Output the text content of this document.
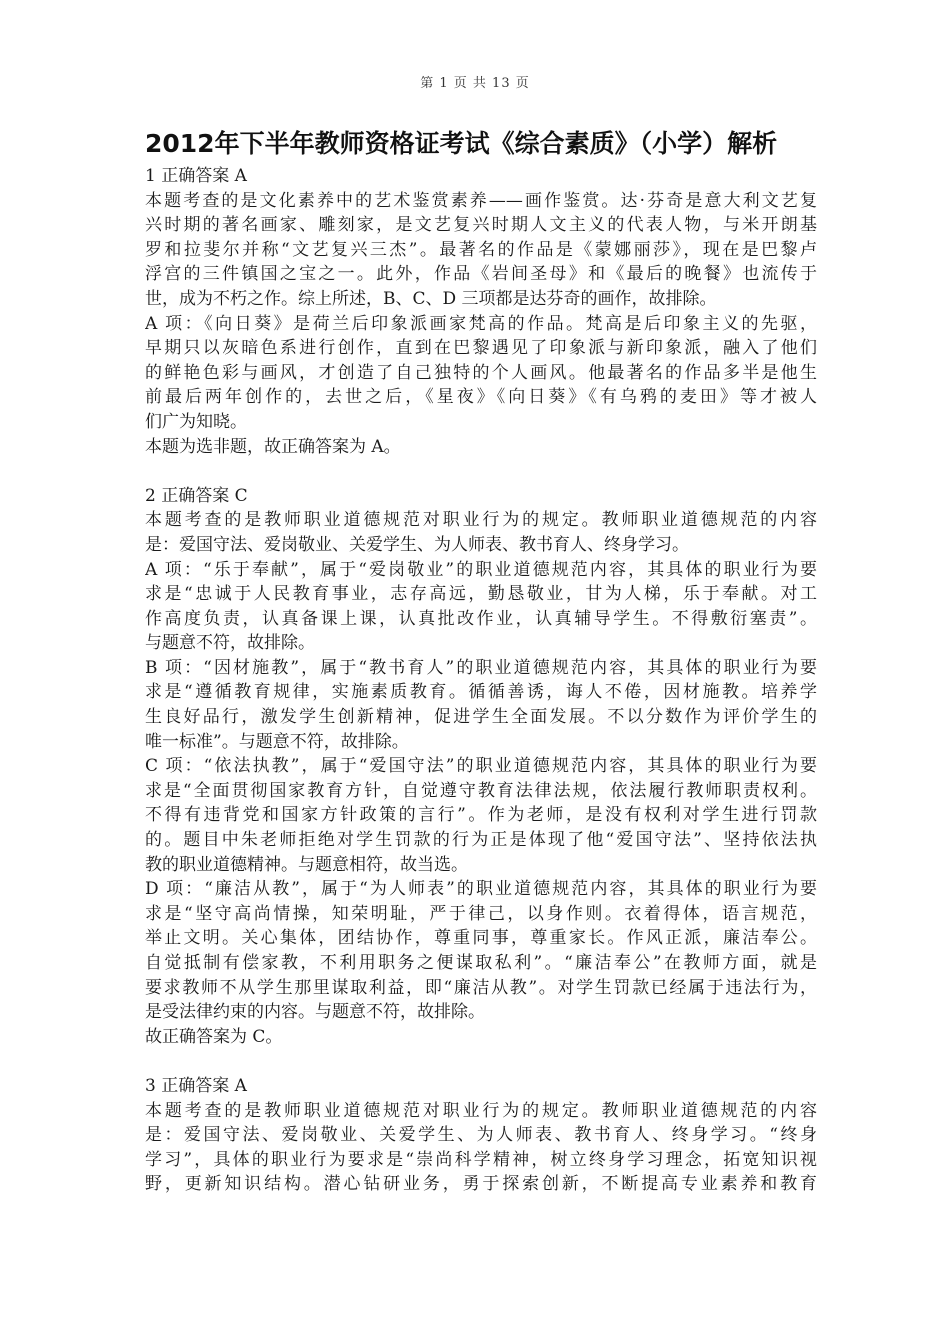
第 1 页 共 13 页
2012年下半年教师资格证考试《综合素质》（小学）解析
1 正确答案 A
本题考查的是文化素养中的艺术鉴赏素养——画作鉴赏。达·芬奇是意大利文艺复
兴时期的著名画家、雕刻家，是文艺复兴时期人文主义的代表人物，与米开朗基
罗和拉斐尔并称“文艺复兴三杰”。最著名的作品是《蒙娜丽莎》，现在是巴黎卢
浮宫的三件镇国之宝之一。此外，作品《岩间圣母》和《最后的晚餐》也流传于
世，成为不朽之作。综上所述，B、C、D 三项都是达芬奇的画作，故排除。
A 项：《向日葵》是荷兰后印象派画家梵高的作品。梵高是后印象主义的先驱，
早期只以灰暗色系进行创作，直到在巴黎遇见了印象派与新印象派，融入了他们
的鲜艳色彩与画风，才创造了自己独特的个人画风。他最著名的作品多半是他生
前最后两年创作的，去世之后，《星夜》《向日葵》《有乌鸦的麦田》等才被人
们广为知晓。
本题为选非题，故正确答案为 A。
2 正确答案 C
本题考查的是教师职业道德规范对职业行为的规定。教师职业道德规范的内容
是：爱国守法、爱岗敬业、关爱学生、为人师表、教书育人、终身学习。
A 项：“乐于奉献”，属于“爱岗敬业”的职业道德规范内容，其具体的职业行为要
求是“忠诚于人民教育事业，志存高远，勤恳敬业，甘为人梯，乐于奉献。对工
作高度负责，认真备课上课，认真批改作业，认真辅导学生。不得敷衍塞责”。
与题意不符，故排除。
B 项：“因材施教”，属于“教书育人”的职业道德规范内容，其具体的职业行为要
求是“遵循教育规律，实施素质教育。循循善诱，诲人不倦，因材施教。培养学
生良好品行，激发学生创新精神，促进学生全面发展。不以分数作为评价学生的
唯一标准”。与题意不符，故排除。
C 项：“依法执教”，属于“爱国守法”的职业道德规范内容，其具体的职业行为要
求是“全面贯彻国家教育方针，自觉遵守教育法律法规，依法履行教师职责权利。
不得有违背党和国家方针政策的言行”。作为老师，是没有权利对学生进行罚款
的。题目中朱老师拒绝对学生罚款的行为正是体现了他“爱国守法”、坚持依法执
教的职业道德精神。与题意相符，故当选。
D 项：“廉洁从教”，属于“为人师表”的职业道德规范内容，其具体的职业行为要
求是“坚守高尚情操，知荣明耻，严于律己，以身作则。衣着得体，语言规范，
举止文明。关心集体，团结协作，尊重同事，尊重家长。作风正派，廉洁奉公。
自觉抵制有偿家教，不利用职务之便谋取私利”。“廉洁奉公”在教师方面，就是
要求教师不从学生那里谋取利益，即“廉洁从教”。对学生罚款已经属于违法行为，
是受法律约束的内容。与题意不符，故排除。
故正确答案为 C。
3 正确答案 A
本题考查的是教师职业道德规范对职业行为的规定。教师职业道德规范的内容
是：爱国守法、爱岗敬业、关爱学生、为人师表、教书育人、终身学习。“终身
学习”，具体的职业行为要求是“崇尚科学精神，树立终身学习理念，拓宽知识视
野，更新知识结构。潜心钻研业务，勇于探索创新，不断提高专业素养和教育
